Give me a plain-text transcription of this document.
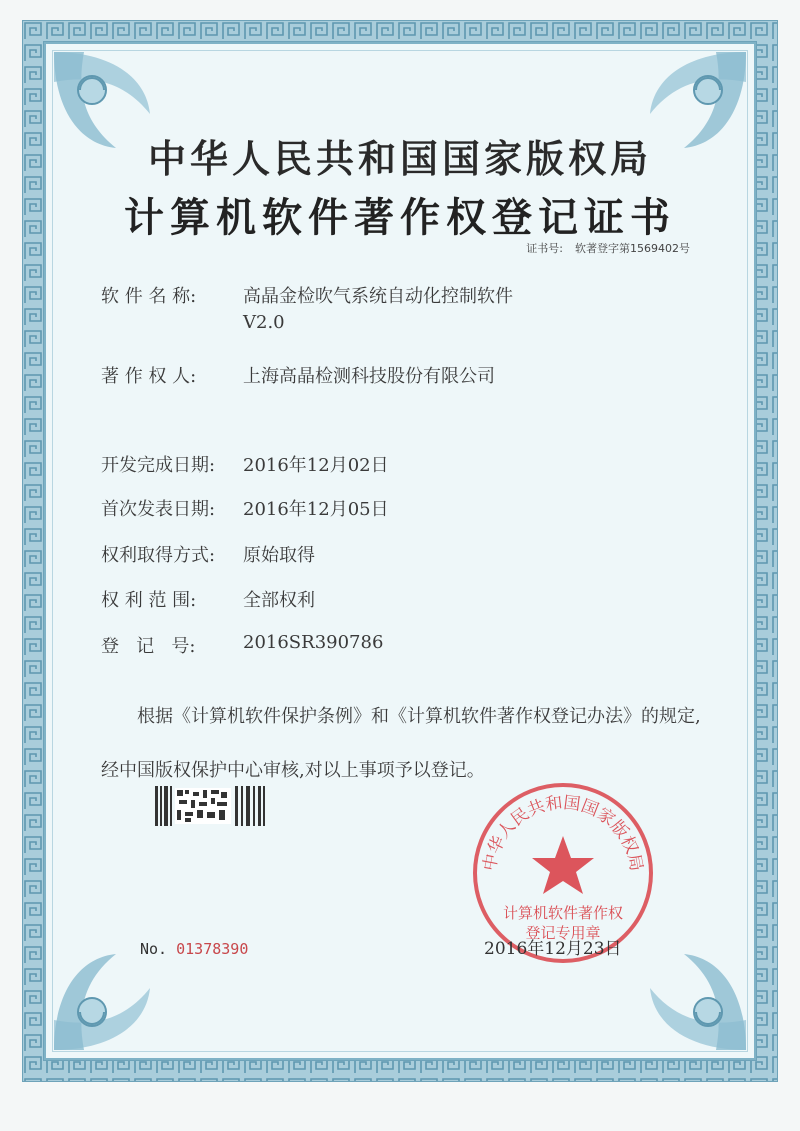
中华人民共和国国家版权局
计算机软件著作权登记证书
证书号: 软著登字第1569402号
软 件 名 称:	高晶金检吹气系统自动化控制软件
V2.0
著 作 权 人:	上海高晶检测科技股份有限公司
开发完成日期: 2016年12月02日
首次发表日期: 2016年12月05日
权利取得方式: 原始取得
权 利 范 围:	全部权利
登   记   号:	2016SR390786
根据《计算机软件保护条例》和《计算机软件著作权登记办法》的规定,经中国版权保护中心审核,对以上事项予以登记。
中华人民共和国国家版权局
计算机软件著作权
登记专用章
No. 01378390	2016年12月23日
